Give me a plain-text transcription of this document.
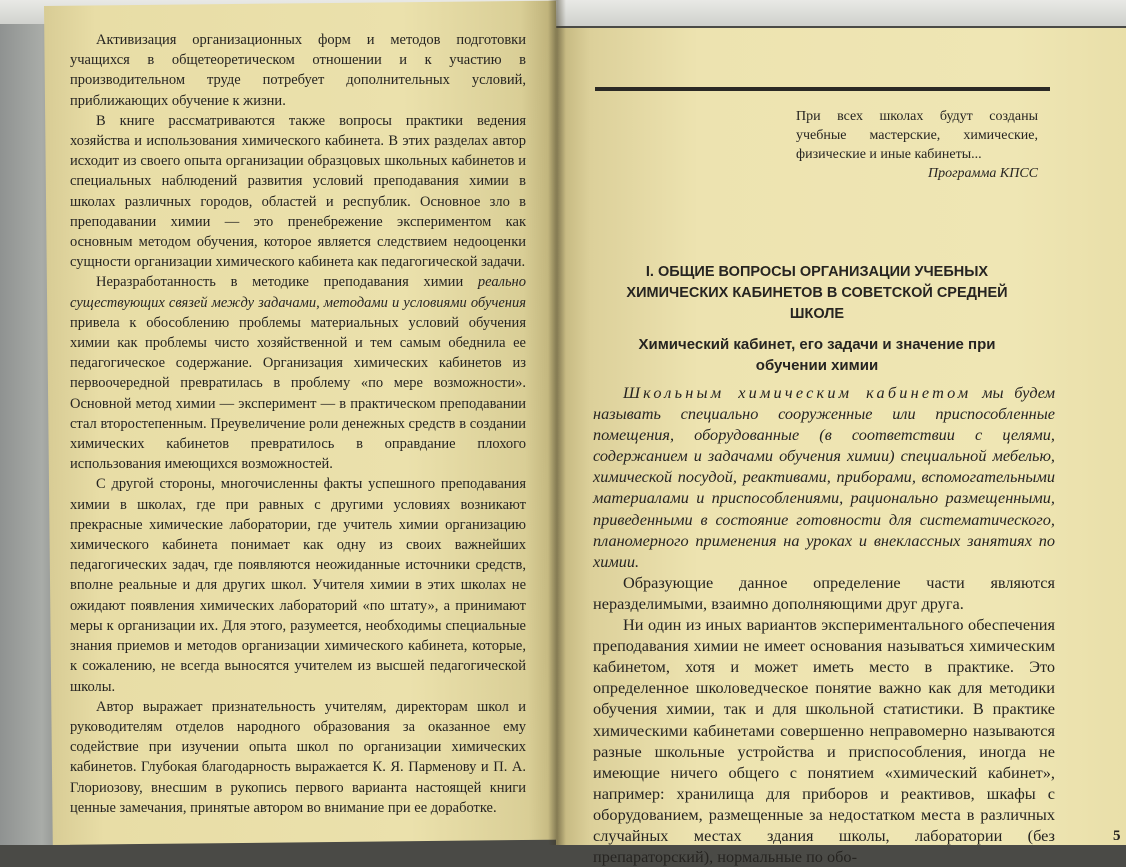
Активизация организационных форм и методов подготовки учащихся в общетеоретическом отношении и к участию в производительном труде потребует дополнительных условий, приближающих обучение к жизни.

В книге рассматриваются также вопросы практики ведения хозяйства и использования химического кабинета. В этих разделах автор исходит из своего опыта организации образцовых школьных кабинетов и специальных наблюдений развития условий преподавания химии в школах различных городов, областей и республик. Основное зло в преподавании химии — это пренебрежение экспериментом как основным методом обучения, которое является следствием недооценки сущности организации химического кабинета как педагогической задачи.

Неразработанность в методике преподавания химии реально существующих связей между задачами, методами и условиями обучения привела к обособлению проблемы материальных условий обучения химии как проблемы чисто хозяйственной и тем самым обеднила ее педагогическое содержание. Организация химических кабинетов из первоочередной превратилась в проблему «по мере возможности». Основной метод химии — эксперимент — в практическом преподавании стал второстепенным. Преувеличение роли денежных средств в создании химических кабинетов превратилось в оправдание плохого использования имеющихся возможностей.

С другой стороны, многочисленны факты успешного преподавания химии в школах, где при равных с другими условиях возникают прекрасные химические лаборатории, где учитель химии организацию химического кабинета понимает как одну из своих важнейших педагогических задач, где появляются неожиданные источники средств, вполне реальные и для других школ. Учителя химии в этих школах не ожидают появления химических лабораторий «по штату», а принимают меры к организации их. Для этого, разумеется, необходимы специальные знания приемов и методов организации химического кабинета, которые, к сожалению, не всегда выносятся учителем из высшей педагогической школы.

Автор выражает признательность учителям, директорам школ и руководителям отделов народного образования за оказанное ему содействие при изучении опыта школ по организации химических кабинетов. Глубокая благодарность выражается К. Я. Парменову и П. А. Глориозову, внесшим в рукопись первого варианта настоящей книги ценные замечания, принятые автором во внимание при ее доработке.

При всех школах будут созданы учебные мастерские, химические, физические и иные кабинеты...
Программа КПСС
I. ОБЩИЕ ВОПРОСЫ ОРГАНИЗАЦИИ УЧЕБНЫХ ХИМИЧЕСКИХ КАБИНЕТОВ В СОВЕТСКОЙ СРЕДНЕЙ ШКОЛЕ
Химический кабинет, его задачи и значение при обучении химии

Школьным химическим кабинетом мы будем называть специально сооруженные или приспособленные помещения, оборудованные (в соответствии с целями, содержанием и задачами обучения химии) специальной мебелью, химической посудой, реактивами, приборами, вспомогательными материалами и приспособлениями, рационально размещенными, приведенными в состояние готовности для систематического, планомерного применения на уроках и внеклассных занятиях по химии.

Образующие данное определение части являются неразделимыми, взаимно дополняющими друг друга.

Ни один из иных вариантов экспериментального обеспечения преподавания химии не имеет основания называться химическим кабинетом, хотя и может иметь место в практике. Это определенное школоведческое понятие важно как для методики обучения химии, так и для школьной статистики. В практике химическими кабинетами совершенно неправомерно называются разные школьные устройства и приспособления, иногда не имеющие ничего общего с понятием «химический кабинет», например: хранилища для приборов и реактивов, шкафы с оборудованием, размещенные за недостатком места в различных случайных местах здания школы, лаборатории (без препараторский), нормальные по обо-

5
